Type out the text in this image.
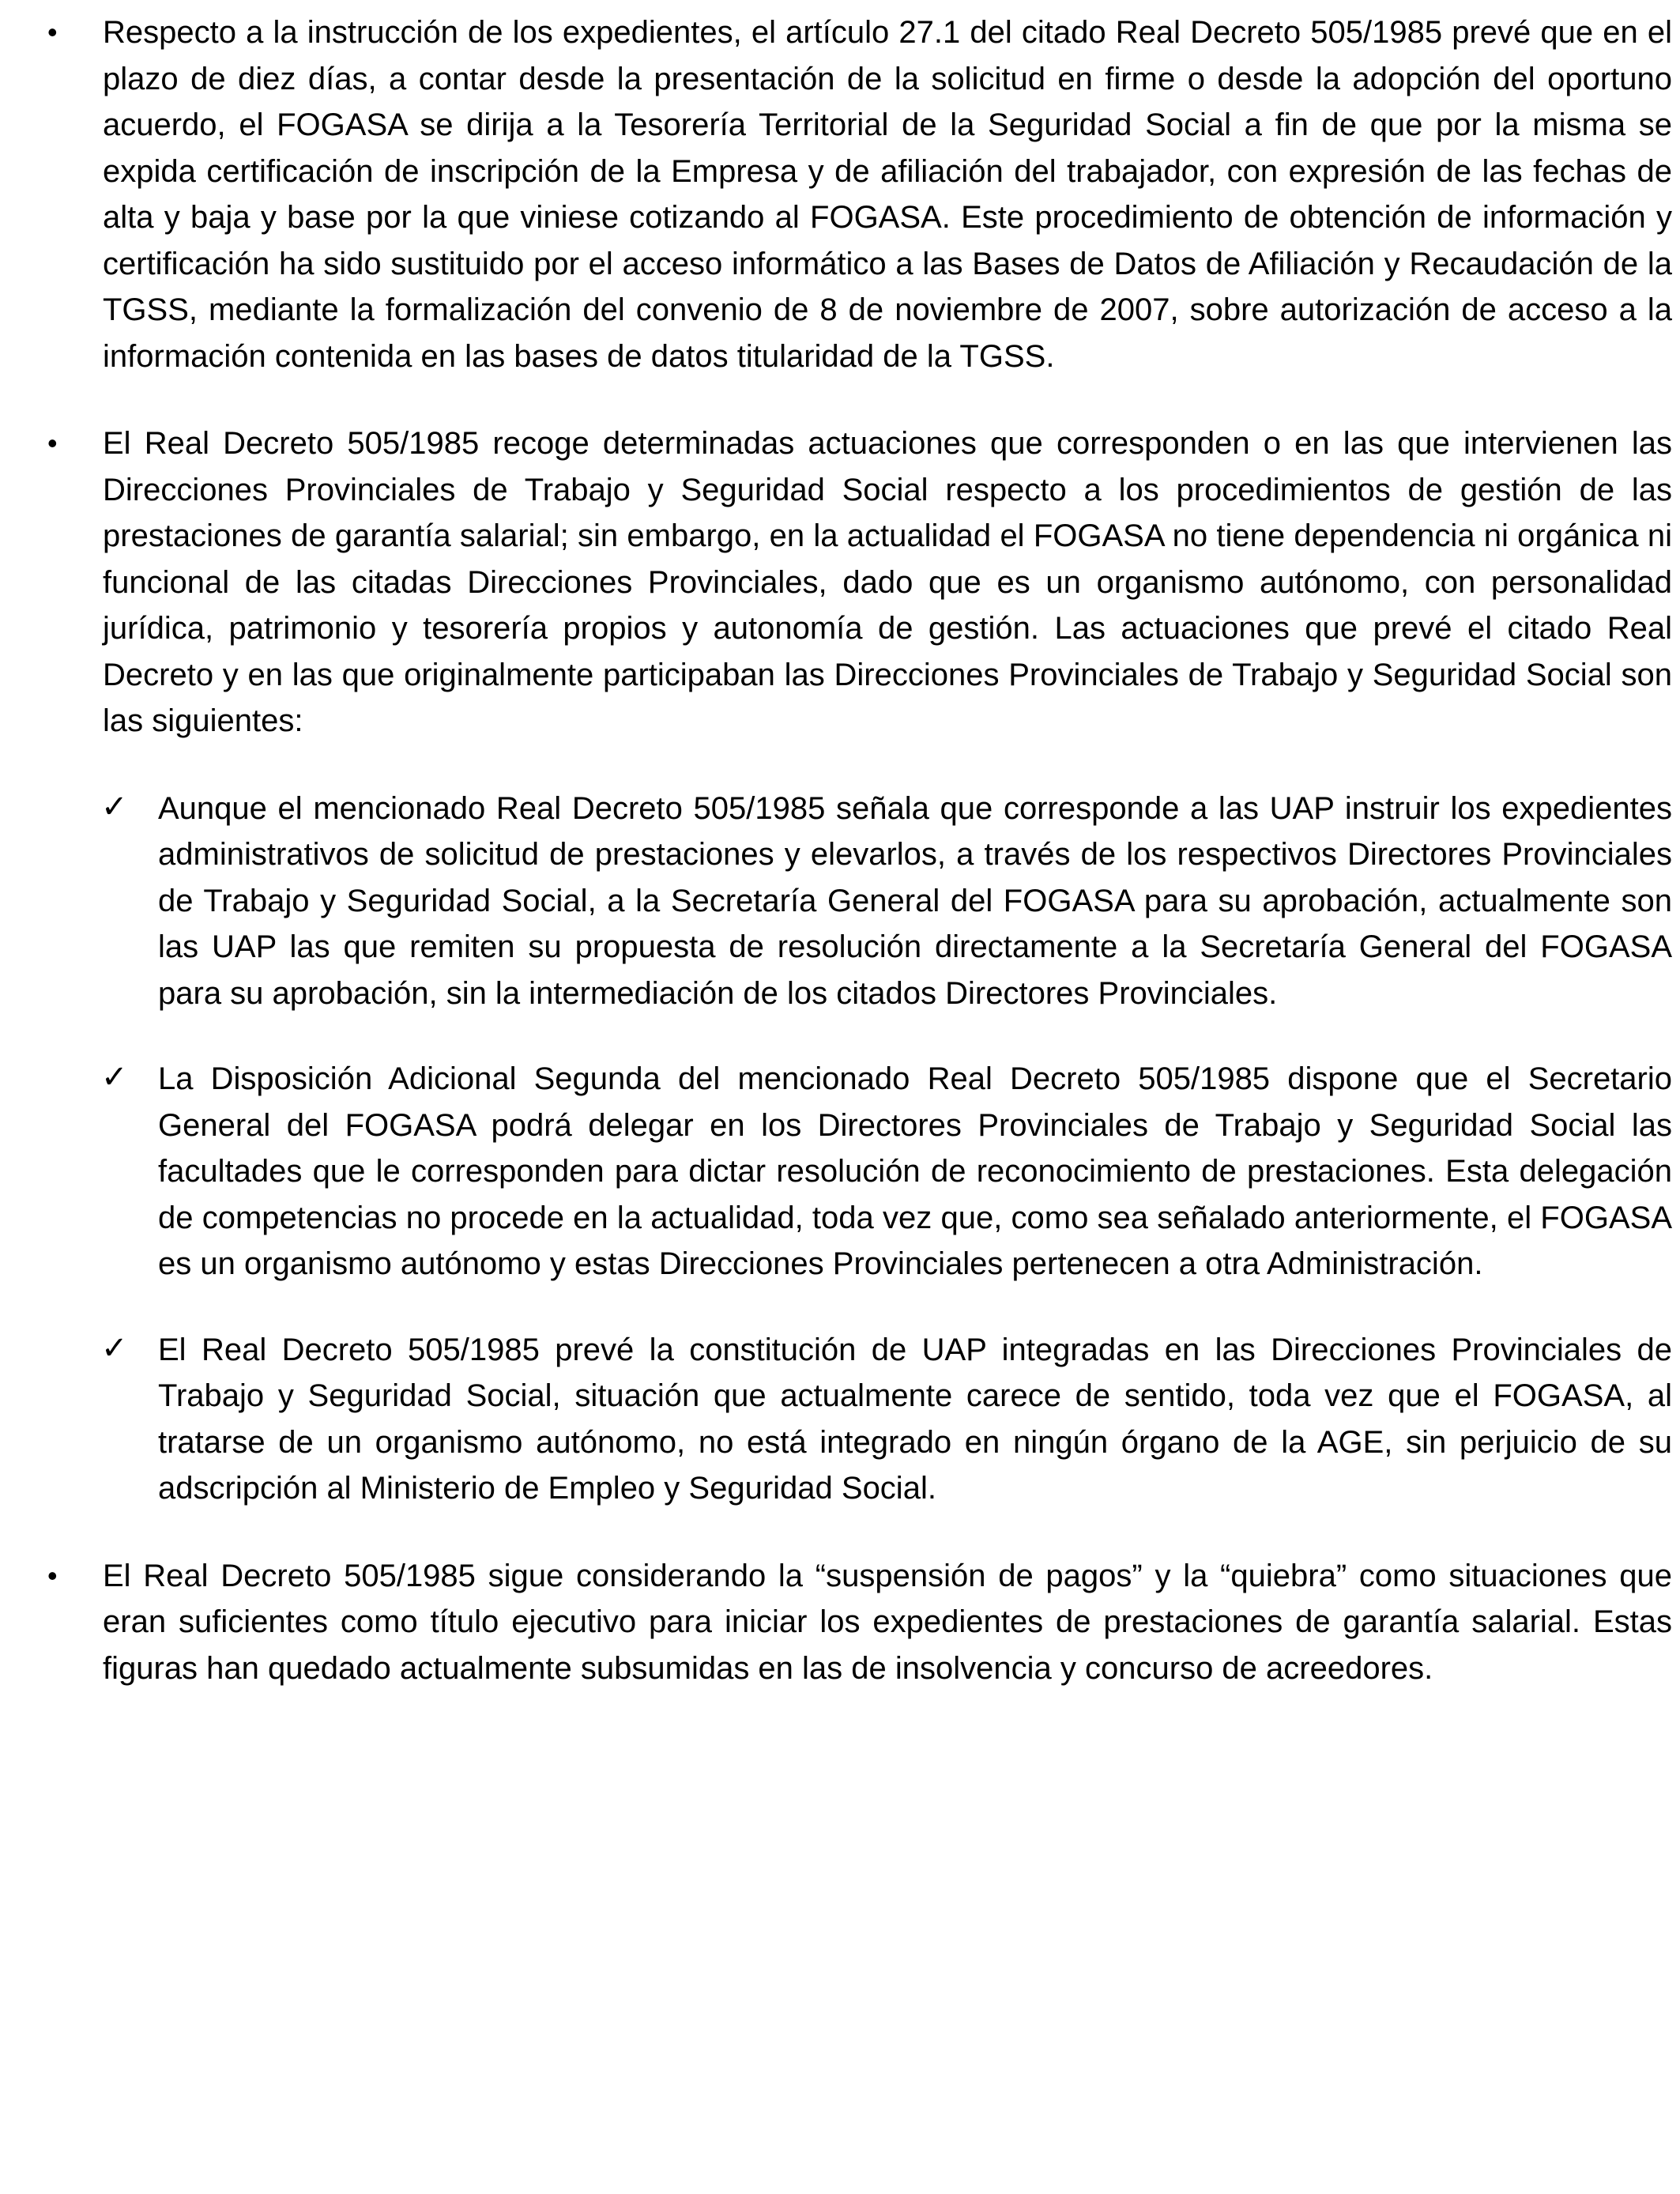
• Respecto a la instrucción de los expedientes, el artículo 27.1 del citado Real Decreto 505/1985 prevé que en el plazo de diez días, a contar desde la presentación de la solicitud en firme o desde la adopción del oportuno acuerdo, el FOGASA se dirija a la Tesorería Territorial de la Seguridad Social a fin de que por la misma se expida certificación de inscripción de la Empresa y de afiliación del trabajador, con expresión de las fechas de alta y baja y base por la que viniese cotizando al FOGASA. Este procedimiento de obtención de información y certificación ha sido sustituido por el acceso informático a las Bases de Datos de Afiliación y Recaudación de la TGSS, mediante la formalización del convenio de 8 de noviembre de 2007, sobre autorización de acceso a la información contenida en las bases de datos titularidad de la TGSS.

• El Real Decreto 505/1985 recoge determinadas actuaciones que corresponden o en las que intervienen las Direcciones Provinciales de Trabajo y Seguridad Social respecto a los procedimientos de gestión de las prestaciones de garantía salarial; sin embargo, en la actualidad el FOGASA no tiene dependencia ni orgánica ni funcional de las citadas Direcciones Provinciales, dado que es un organismo autónomo, con personalidad jurídica, patrimonio y tesorería propios y autonomía de gestión. Las actuaciones que prevé el citado Real Decreto y en las que originalmente participaban las Direcciones Provinciales de Trabajo y Seguridad Social son las siguientes:

✓ Aunque el mencionado Real Decreto 505/1985 señala que corresponde a las UAP instruir los expedientes administrativos de solicitud de prestaciones y elevarlos, a través de los respectivos Directores Provinciales de Trabajo y Seguridad Social, a la Secretaría General del FOGASA para su aprobación, actualmente son las UAP las que remiten su propuesta de resolución directamente a la Secretaría General del FOGASA para su aprobación, sin la intermediación de los citados Directores Provinciales.

✓ La Disposición Adicional Segunda del mencionado Real Decreto 505/1985 dispone que el Secretario General del FOGASA podrá delegar en los Directores Provinciales de Trabajo y Seguridad Social las facultades que le corresponden para dictar resolución de reconocimiento de prestaciones. Esta delegación de competencias no procede en la actualidad, toda vez que, como sea señalado anteriormente, el FOGASA es un organismo autónomo y estas Direcciones Provinciales pertenecen a otra Administración.

✓ El Real Decreto 505/1985 prevé la constitución de UAP integradas en las Direcciones Provinciales de Trabajo y Seguridad Social, situación que actualmente carece de sentido, toda vez que el FOGASA, al tratarse de un organismo autónomo, no está integrado en ningún órgano de la AGE, sin perjuicio de su adscripción al Ministerio de Empleo y Seguridad Social.

• El Real Decreto 505/1985 sigue considerando la “suspensión de pagos” y la “quiebra” como situaciones que eran suficientes como título ejecutivo para iniciar los expedientes de prestaciones de garantía salarial. Estas figuras han quedado actualmente subsumidas en las de insolvencia y concurso de acreedores.
